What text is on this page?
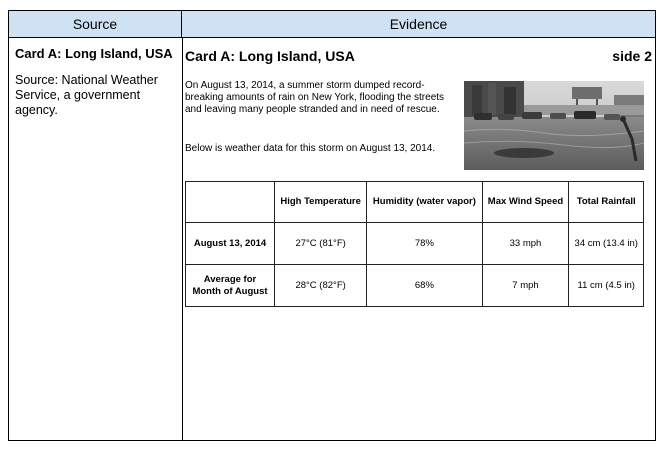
Source	Evidence

Card A: Long Island, USA

Source: National Weather Service, a government agency.

Card A: Long Island, USA	side 2
On August 13, 2014, a summer storm dumped record-breaking amounts of rain on New York, flooding the streets and leaving many people stranded and in need of rescue.
Below is weather data for this storm on August 13, 2014.
	High Temperature	Humidity (water vapor)	Max Wind Speed	Total Rainfall
August 13, 2014	27°C (81°F)	78%	33 mph	34 cm (13.4 in)
Average for Month of August	28°C (82°F)	68%	7 mph	11 cm (4.5 in)
